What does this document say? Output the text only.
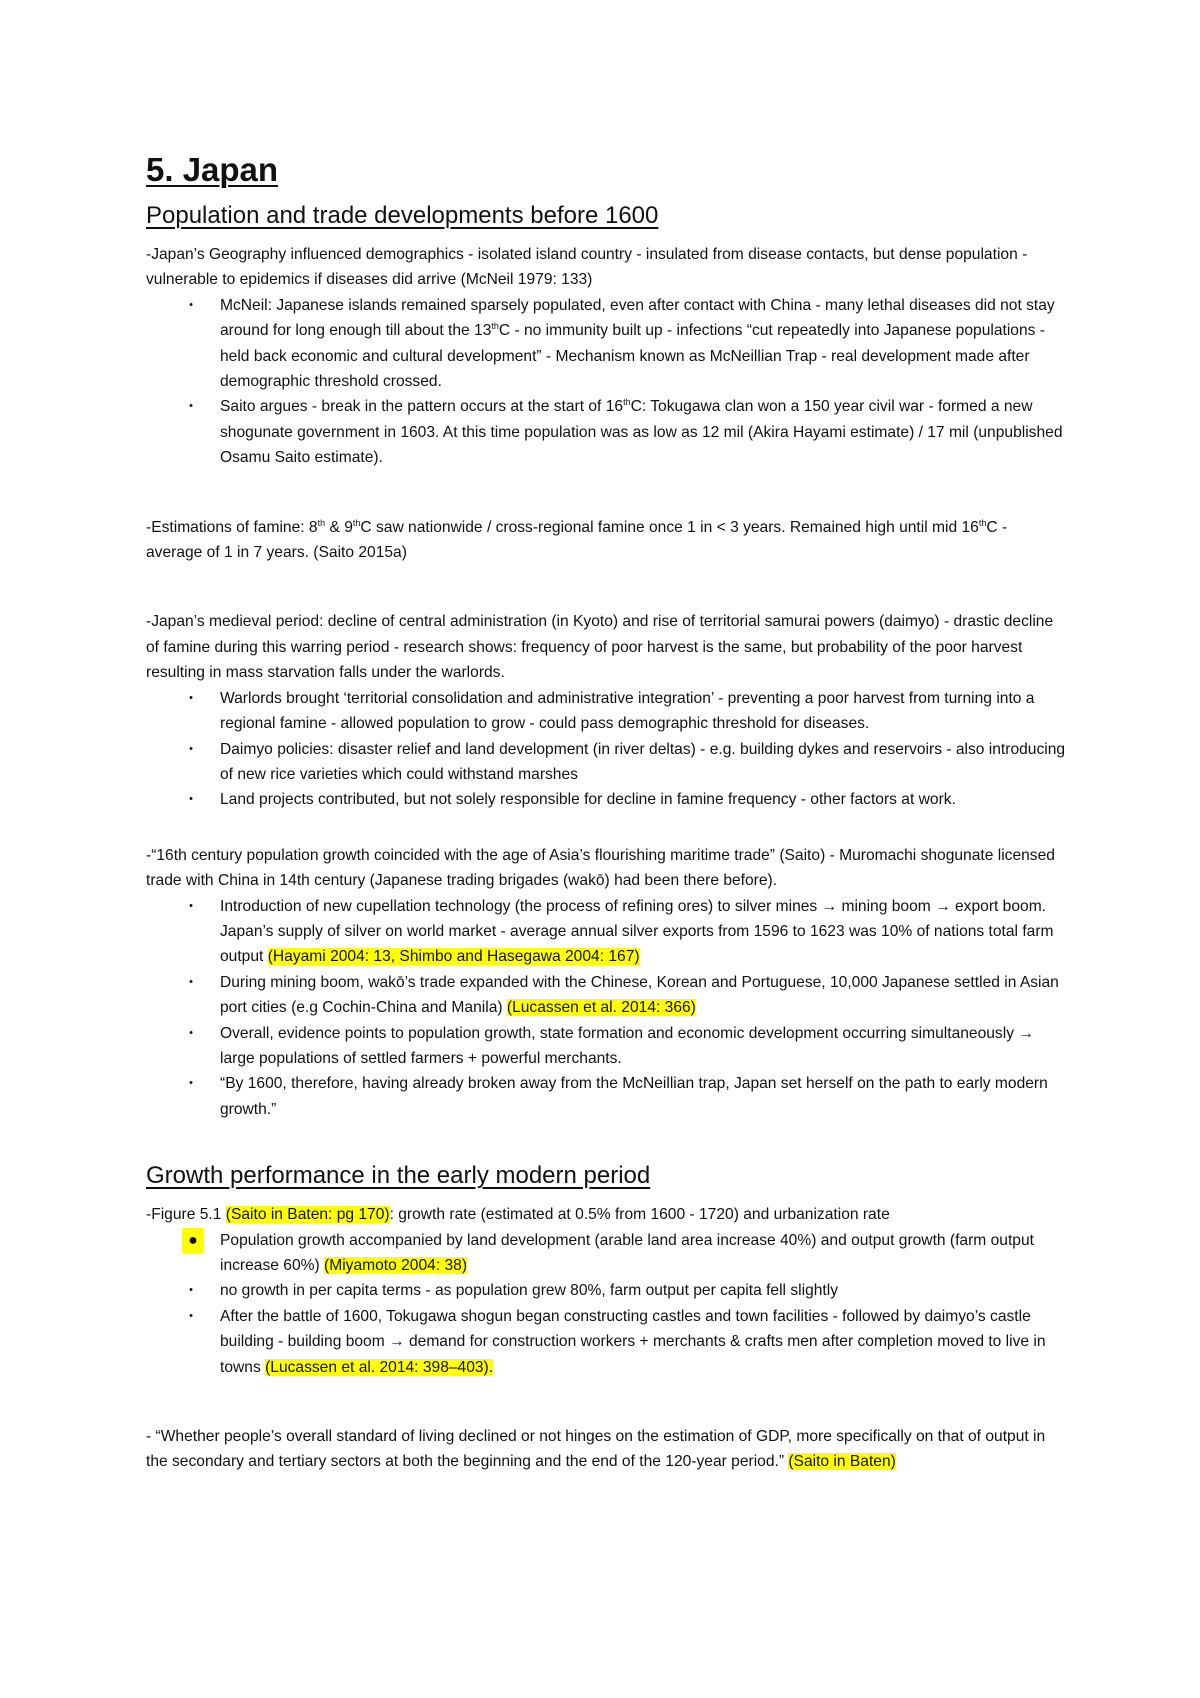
5. Japan
Population and trade developments before 1600

-Japan’s Geography influenced demographics - isolated island country - insulated from disease contacts, but dense population - vulnerable to epidemics if diseases did arrive (McNeil 1979: 133)

•	McNeil: Japanese islands remained sparsely populated, even after contact with China - many lethal diseases did not stay around for long enough till about the 13thC - no immunity built up - infections “cut repeatedly into Japanese populations - held back economic and cultural development” - Mechanism known as McNeillian Trap - real development made after demographic threshold crossed.
•	Saito argues - break in the pattern occurs at the start of 16thC: Tokugawa clan won a 150 year civil war - formed a new shogunate government in 1603. At this time population was as low as 12 mil (Akira Hayami estimate) / 17 mil (unpublished Osamu Saito estimate).

-Estimations of famine: 8th & 9thC saw nationwide / cross-regional famine once 1 in < 3 years. Remained high until mid 16thC - average of 1 in 7 years. (Saito 2015a)

-Japan’s medieval period: decline of central administration (in Kyoto) and rise of territorial samurai powers (daimyo) - drastic decline of famine during this warring period - research shows: frequency of poor harvest is the same, but probability of the poor harvest resulting in mass starvation falls under the warlords.

•	Warlords brought ‘territorial consolidation and administrative integration’ - preventing a poor harvest from turning into a regional famine - allowed population to grow - could pass demographic threshold for diseases.
•	Daimyo policies: disaster relief and land development (in river deltas) - e.g. building dykes and reservoirs - also introducing of new rice varieties which could withstand marshes
•	Land projects contributed, but not solely responsible for decline in famine frequency - other factors at work.

-“16th century population growth coincided with the age of Asia’s flourishing maritime trade” (Saito) - Muromachi shogunate licensed trade with China in 14th century (Japanese trading brigades (wakō) had been there before).

•	Introduction of new cupellation technology (the process of refining ores) to silver mines → mining boom → export boom. Japan’s supply of silver on world market - average annual silver exports from 1596 to 1623 was 10% of nations total farm output (Hayami 2004: 13, Shimbo and Hasegawa 2004: 167)
•	During mining boom, wakō’s trade expanded with the Chinese, Korean and Portuguese, 10,000 Japanese settled in Asian port cities (e.g Cochin-China and Manila) (Lucassen et al. 2014: 366)
•	Overall, evidence points to population growth, state formation and economic development occurring simultaneously → large populations of settled farmers + powerful merchants.
•	“By 1600, therefore, having already broken away from the McNeillian trap, Japan set herself on the path to early modern growth.”
Growth performance in the early modern period

-Figure 5.1 (Saito in Baten: pg 170): growth rate (estimated at 0.5% from 1600 - 1720) and urbanization rate

●	Population growth accompanied by land development (arable land area increase 40%) and output growth (farm output increase 60%) (Miyamoto 2004: 38)
•	no growth in per capita terms - as population grew 80%, farm output per capita fell slightly
•	After the battle of 1600, Tokugawa shogun began constructing castles and town facilities - followed by daimyo’s castle building - building boom → demand for construction workers + merchants & crafts men after completion moved to live in towns (Lucassen et al. 2014: 398–403).

- “Whether people’s overall standard of living declined or not hinges on the estimation of GDP, more specifically on that of output in the secondary and tertiary sectors at both the beginning and the end of the 120-year period.” (Saito in Baten)
